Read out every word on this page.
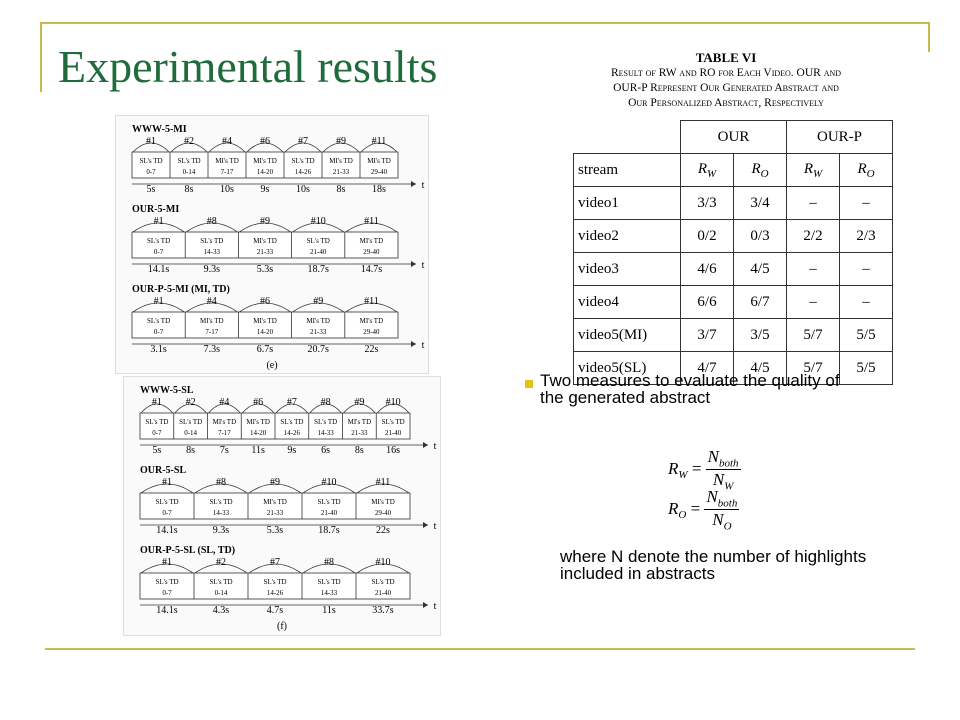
Experimental results	TABLE VI
Result of RW and RO for Each Video. OUR and
OUR-P Represent Our Generated Abstract and
Our Personalized Abstract, Respectively
	OUR		OUR-P	
stream	$R_W$	$R_O$	$R_W$	$R_O$
video1	3/3	3/4	–	–
video2	0/2	0/3	2/2	2/3
video3	4/6	4/5	–	–
video4	6/6	6/7	–	–
video5(MI)	3/7	3/5	5/7	5/5
video5(SL)	4/7	4/5	5/7	5/5
Two measures to evaluate the quality of the generated abstract
$R_W = \frac{N_{both}}{N_W}$
$R_O = \frac{N_{both}}{N_O}$
where N denote the number of highlights included in abstracts
WWW-5-MI
#1	#2	#4	#6	#7	#9	#11
SL's TD
0-7
5s
SL's TD
0-14
8s
MI's TD
7-17
10s
MI's TD
14-20
9s
SL's TD
14-26
10s
MI's TD
21-33
8s
MI's TD
29-40
18s	t
OUR-5-MI
#1	#8	#9	#10	#11
SL's TD
0-7
14.1s
SL's TD
14-33
9.3s
MI's TD
21-33
5.3s
SL's TD
21-40
18.7s
MI's TD
29-40
14.7s	t
OUR-P-5-MI (MI, TD)
#1	#4	#6	#9	#11
SL's TD
0-7
3.1s
MI's TD
7-17
7.3s
MI's TD
14-20
6.7s
MI's TD
21-33
20.7s
MI's TD
29-40
22s	t
(e)
WWW-5-SL
#1 #2 #4 #6 #7 #8 #9 #10
SL's TD
0-7
5s
SL's TD
0-14
8s
MI's TD
7-17
7s
MI's TD
14-20
11s
SL's TD
14-26
9s
SL's TD
14-33
6s
MI's TD
21-33
8s
SL's TD
21-40
16s	t
OUR-5-SL
#1	#8	#9	#10	#11
SL's TD
0-7
14.1s
SL's TD
14-33
9.3s
MI's TD
21-33
5.3s
SL's TD
21-40
18.7s
MI's TD
29-40
22s	t
OUR-P-5-SL (SL, TD)
#1	#2	#7	#8	#10
SL's TD
0-7
14.1s
SL's TD
0-14
4.3s
SL's TD
14-26
4.7s
SL's TD
14-33
11s
SL's TD
21-40
33.7s	t
(f)
